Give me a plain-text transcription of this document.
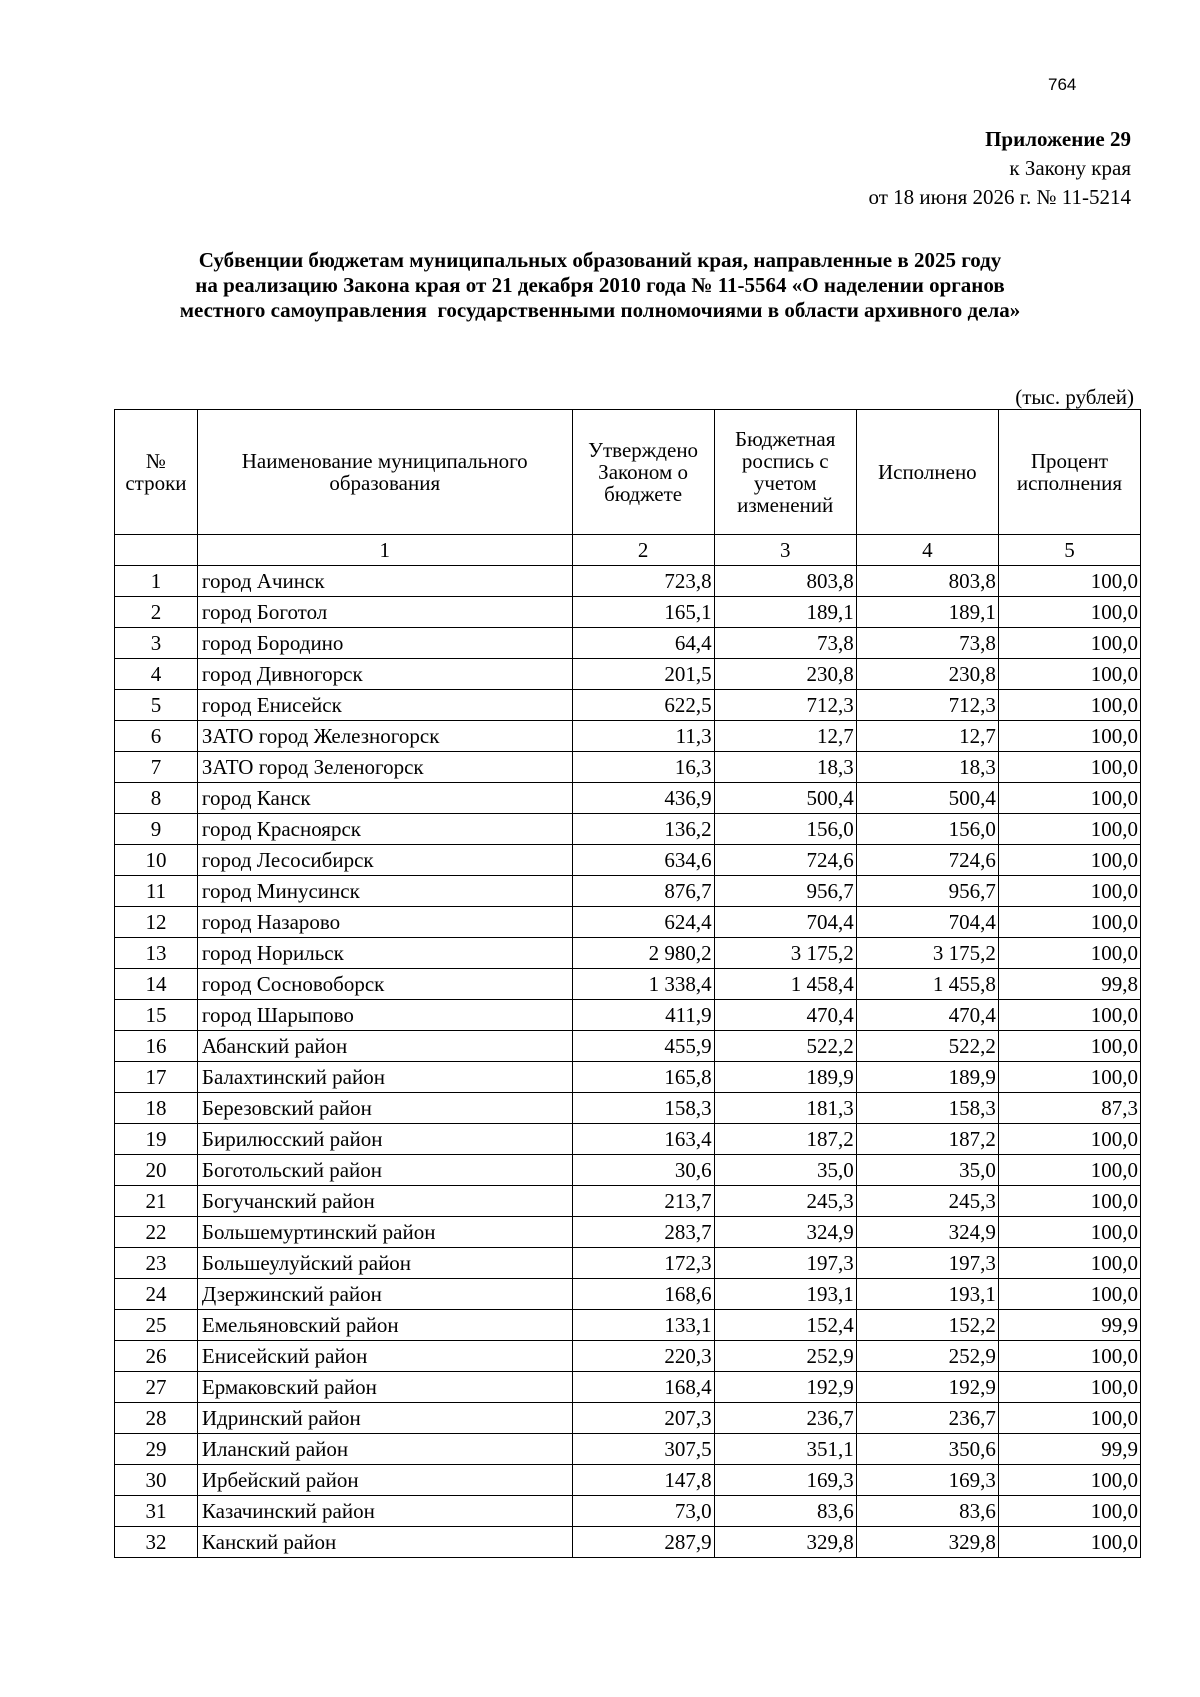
764
Приложение 29
к Закону края
от 18 июня 2026 г. № 11-5214
Субвенции бюджетам муниципальных образований края, направленные в 2025 году
на реализацию Закона края от 21 декабря 2010 года № 11-5564 «О наделении органов
местного самоуправления  государственными полномочиями в области архивного дела»
(тыс. рублей)
№ строки	Наименование муниципального образования	Утверждено Законом о бюджете	Бюджетная роспись с учетом изменений	Исполнено	Процент исполнения
	1	2	3	4	5
1	город Ачинск	723,8	803,8	803,8	100,0
2	город Боготол	165,1	189,1	189,1	100,0
3	город Бородино	64,4	73,8	73,8	100,0
4	город Дивногорск	201,5	230,8	230,8	100,0
5	город Енисейск	622,5	712,3	712,3	100,0
6	ЗАТО город Железногорск	11,3	12,7	12,7	100,0
7	ЗАТО город Зеленогорск	16,3	18,3	18,3	100,0
8	город Канск	436,9	500,4	500,4	100,0
9	город Красноярск	136,2	156,0	156,0	100,0
10	город Лесосибирск	634,6	724,6	724,6	100,0
11	город Минусинск	876,7	956,7	956,7	100,0
12	город Назарово	624,4	704,4	704,4	100,0
13	город Норильск	2 980,2	3 175,2	3 175,2	100,0
14	город Сосновоборск	1 338,4	1 458,4	1 455,8	99,8
15	город Шарыпово	411,9	470,4	470,4	100,0
16	Абанский район	455,9	522,2	522,2	100,0
17	Балахтинский район	165,8	189,9	189,9	100,0
18	Березовский район	158,3	181,3	158,3	87,3
19	Бирилюсский район	163,4	187,2	187,2	100,0
20	Боготольский район	30,6	35,0	35,0	100,0
21	Богучанский район	213,7	245,3	245,3	100,0
22	Большемуртинский район	283,7	324,9	324,9	100,0
23	Большеулуйский район	172,3	197,3	197,3	100,0
24	Дзержинский район	168,6	193,1	193,1	100,0
25	Емельяновский район	133,1	152,4	152,2	99,9
26	Енисейский район	220,3	252,9	252,9	100,0
27	Ермаковский район	168,4	192,9	192,9	100,0
28	Идринский район	207,3	236,7	236,7	100,0
29	Иланский район	307,5	351,1	350,6	99,9
30	Ирбейский район	147,8	169,3	169,3	100,0
31	Казачинский район	73,0	83,6	83,6	100,0
32	Канский район	287,9	329,8	329,8	100,0
